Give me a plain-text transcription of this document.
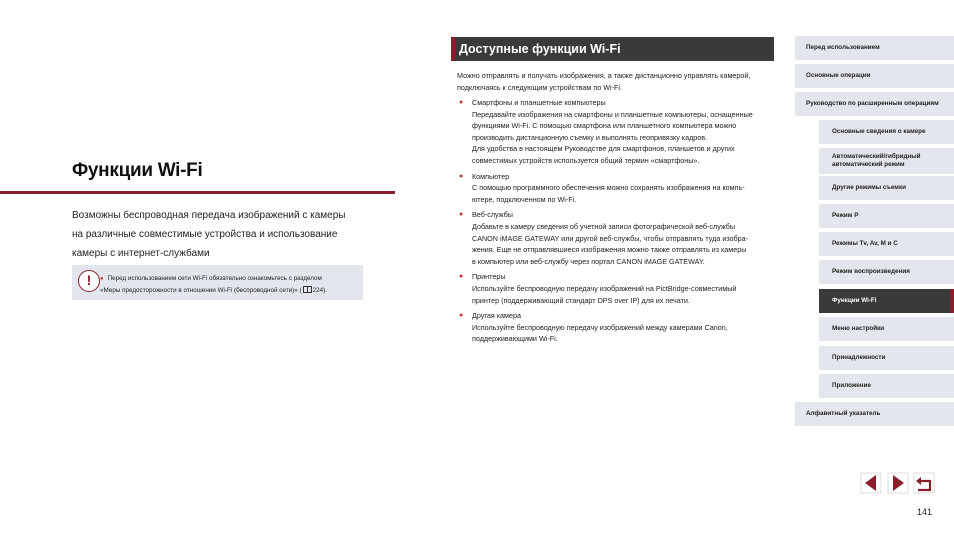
Функции Wi-Fi
Возможны беспроводная передача изображений с камеры
на различные совместимые устройства и использование
камеры с интернет-службами
!	● Перед использованием сети Wi-Fi обязательно ознакомьтесь с разделом
«Меры предосторожности в отношении Wi-Fi (беспроводной сети)» ( 224).
Доступные функции Wi-Fi
Можно отправлять и получать изображения, а также дистанционно управлять камерой,
подключаясь к следующим устройствам по Wi-Fi.
● Смартфоны и планшетные компьютеры
Передавайте изображения на смартфоны и планшетные компьютеры, оснащенные
функциями Wi-Fi. С помощью смартфона или планшетного компьютера можно
производить дистанционную съемку и выполнять геопривязку кадров.
Для удобства в настоящем Руководстве для смартфонов, планшетов и других
совместимых устройств используется общий термин «смартфоны».
● Компьютер
С помощью программного обеспечения можно сохранять изображения на компь-
ютере, подключенном по Wi-Fi.
● Веб-службы
Добавьте в камеру сведения об учетной записи фотографической веб-службы
CANON iMAGE GATEWAY или другой веб-службы, чтобы отправлять туда изобра-
жения. Еще не отправлявшиеся изображения можно также отправлять из камеры
в компьютер или веб-службу через портал CANON iMAGE GATEWAY.
● Принтеры
Используйте беспроводную передачу изображений на PictBridge-совместимый
принтер (поддерживающий стандарт DPS over IP) для их печати.
● Другая камера
Используйте беспроводную передачу изображений между камерами Canon,
поддерживающими Wi-Fi.
Перед использованием
Основные операции
Руководство по расширенным операциям
Основные сведения о камере
Автоматический/гибридный автоматический режим
Другие режимы съемки
Режим P
Режимы Tv, Av, M и C
Режим воспроизведения
Функции Wi-Fi
Меню настройки
Принадлежности
Приложение
Алфавитный указатель
141
